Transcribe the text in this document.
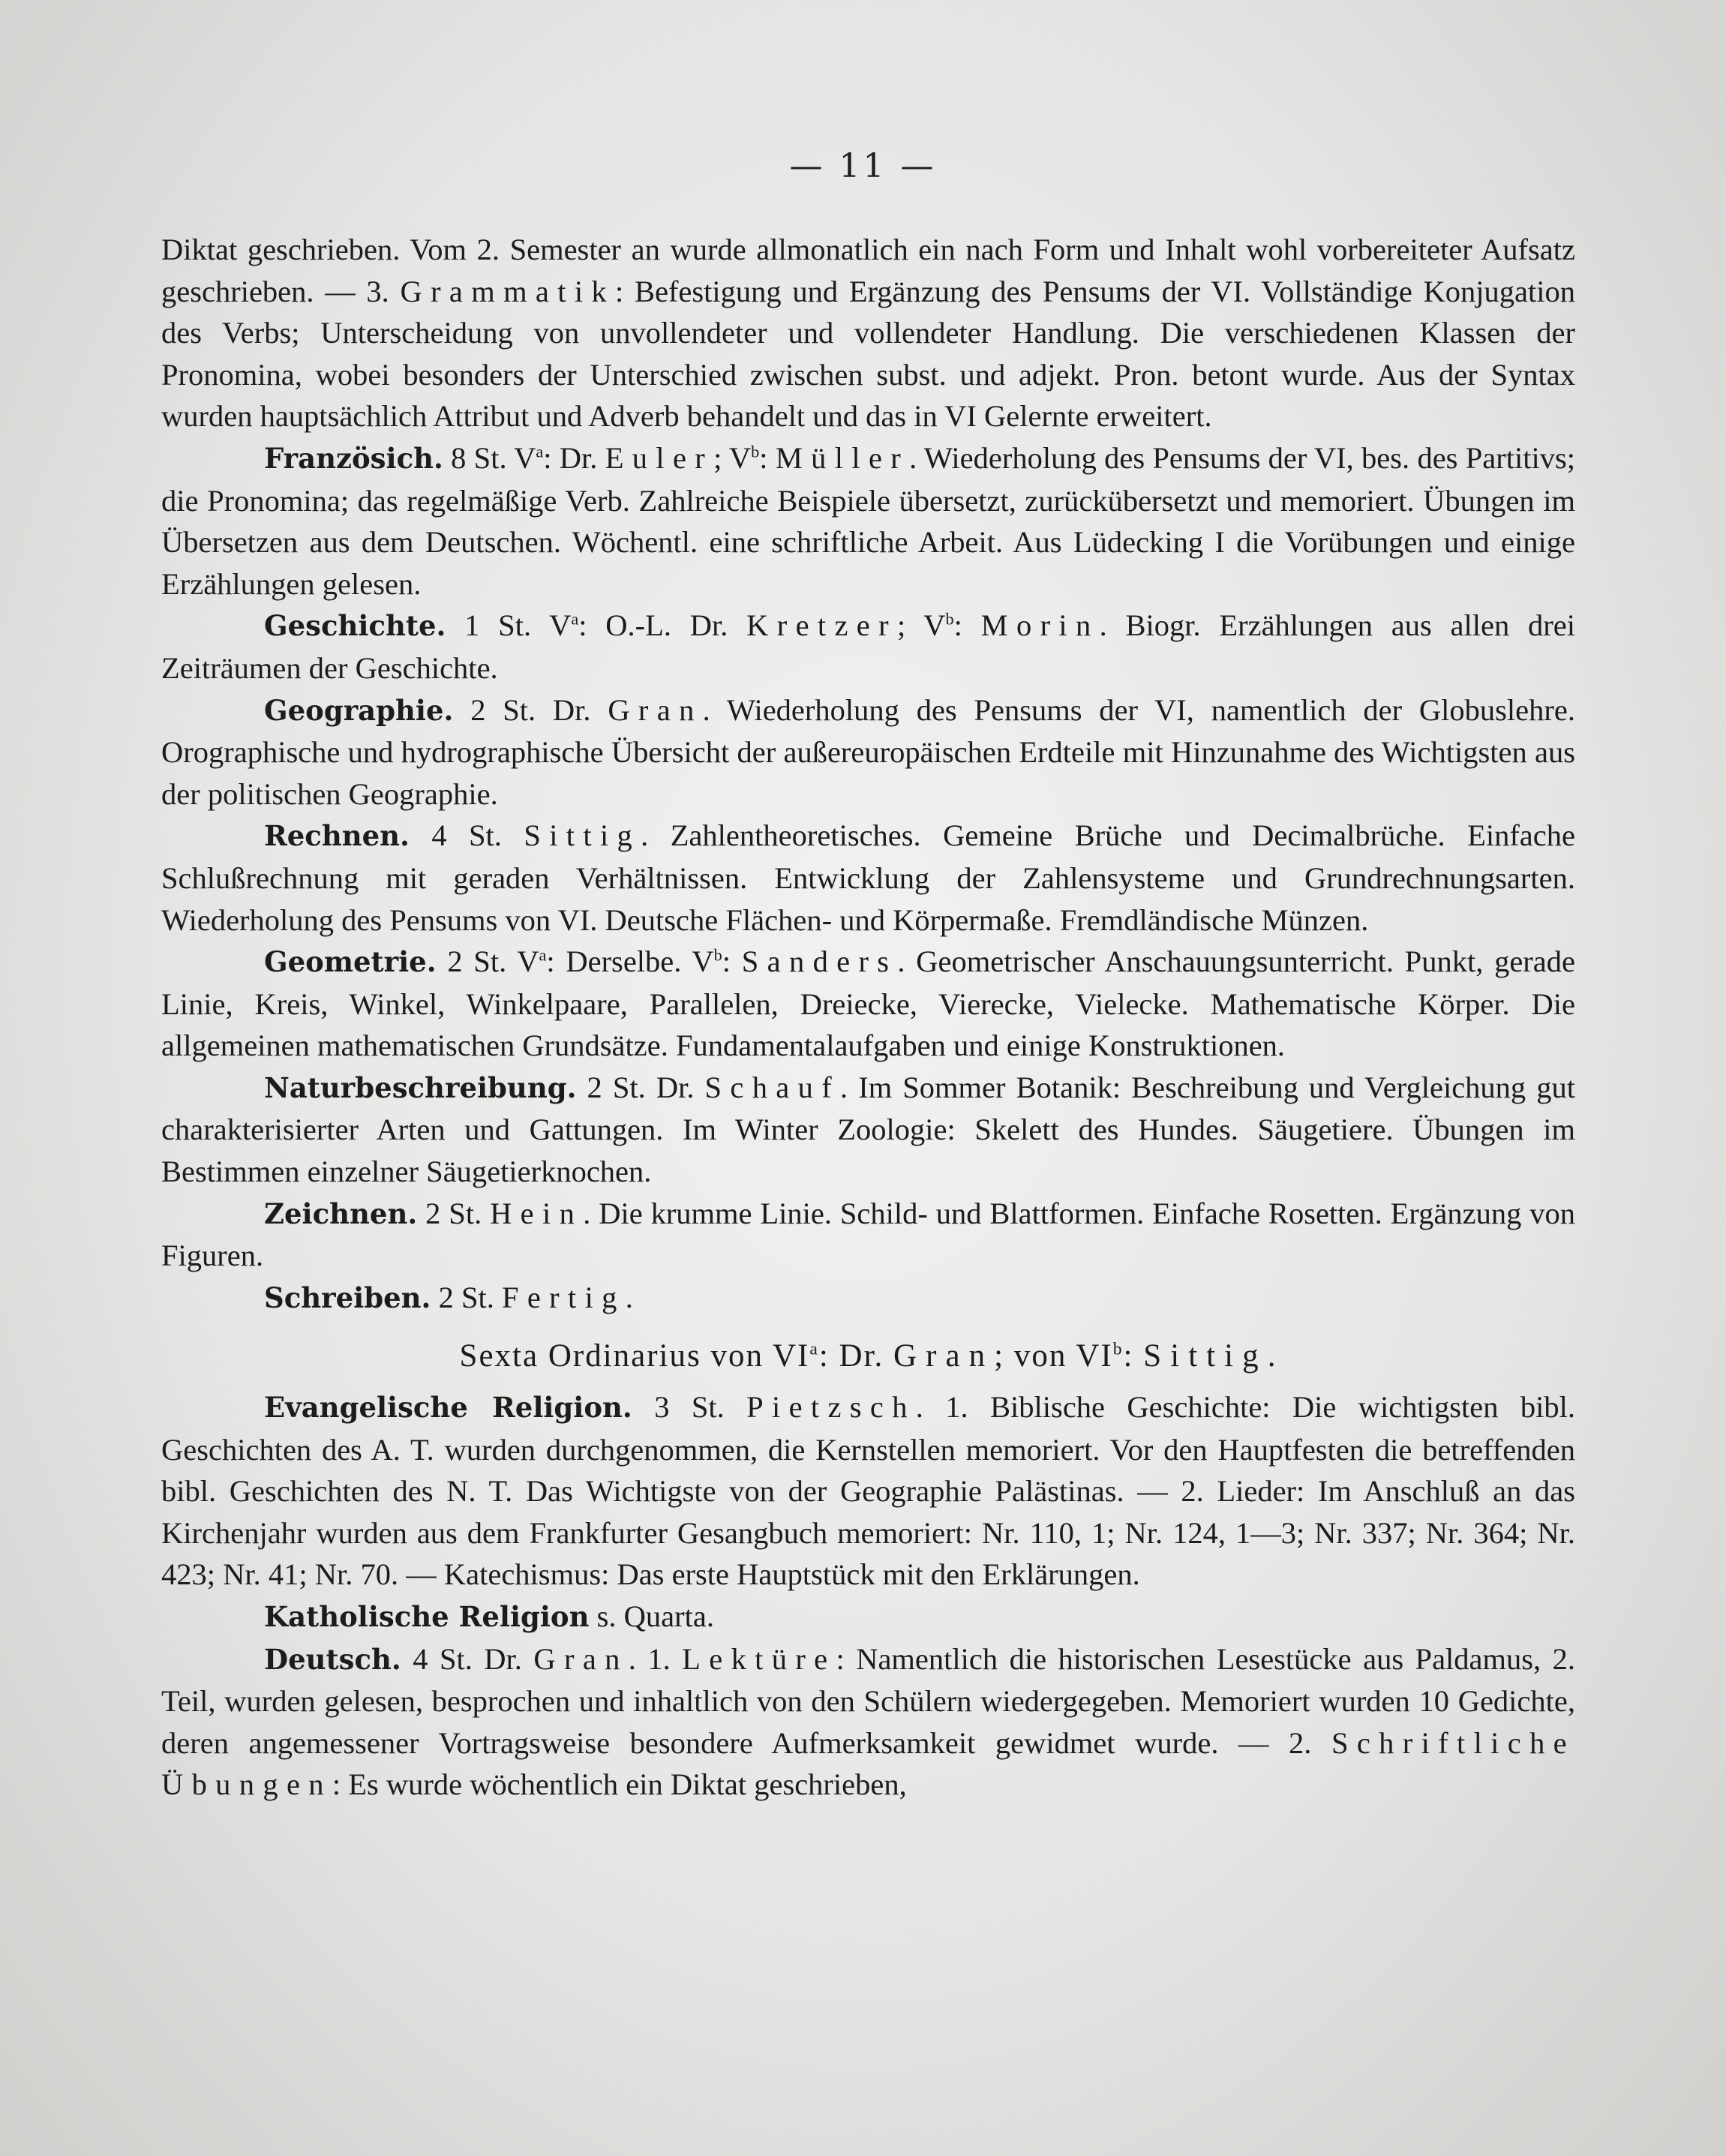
— 11 —

Diktat geschrieben. Vom 2. Semester an wurde allmonatlich ein nach Form und Inhalt wohl vorbereiteter Aufsatz geschrieben. — 3. Grammatik: Befestigung und Ergänzung des Pensums der VI. Vollständige Konjugation des Verbs; Unterscheidung von unvollendeter und vollendeter Handlung. Die verschiedenen Klassen der Pronomina, wobei besonders der Unterschied zwischen subst. und adjekt. Pron. betont wurde. Aus der Syntax wurden hauptsächlich Attribut und Adverb behandelt und das in VI Gelernte erweitert.

Französich. 8 St. $V^a$: Dr. Euler; $V^b$: Müller. Wiederholung des Pensums der VI, bes. des Partitivs; die Pronomina; das regelmäßige Verb. Zahlreiche Beispiele übersetzt, zurückübersetzt und memoriert. Übungen im Übersetzen aus dem Deutschen. Wöchentl. eine schriftliche Arbeit. Aus Lüdecking I die Vorübungen und einige Erzählungen gelesen.

Geschichte. 1 St. $V^a$: O.-L. Dr. Kretzer; $V^b$: Morin. Biogr. Erzählungen aus allen drei Zeiträumen der Geschichte.

Geographie. 2 St. Dr. Gran. Wiederholung des Pensums der VI, namentlich der Globuslehre. Orographische und hydrographische Übersicht der außereuropäischen Erdteile mit Hinzunahme des Wichtigsten aus der politischen Geographie.

Rechnen. 4 St. Sittig. Zahlentheoretisches. Gemeine Brüche und Decimalbrüche. Einfache Schlußrechnung mit geraden Verhältnissen. Entwicklung der Zahlensysteme und Grundrechnungsarten. Wiederholung des Pensums von VI. Deutsche Flächen- und Körpermaße. Fremdländische Münzen.

Geometrie. 2 St. $V^a$: Derselbe. $V^b$: Sanders. Geometrischer Anschauungsunterricht. Punkt, gerade Linie, Kreis, Winkel, Winkelpaare, Parallelen, Dreiecke, Vierecke, Vielecke. Mathematische Körper. Die allgemeinen mathematischen Grundsätze. Fundamentalaufgaben und einige Konstruktionen.

Naturbeschreibung. 2 St. Dr. Schauf. Im Sommer Botanik: Beschreibung und Vergleichung gut charakterisierter Arten und Gattungen. Im Winter Zoologie: Skelett des Hundes. Säugetiere. Übungen im Bestimmen einzelner Säugetierknochen.

Zeichnen. 2 St. Hein. Die krumme Linie. Schild- und Blattformen. Einfache Rosetten. Ergänzung von Figuren.

Schreiben. 2 St. Fertig.

Sexta Ordinarius von $VI^a$: Dr. Gran; von $VI^b$: Sittig.

Evangelische Religion. 3 St. Pietzsch. 1. Biblische Geschichte: Die wichtigsten bibl. Geschichten des A. T. wurden durchgenommen, die Kernstellen memoriert. Vor den Hauptfesten die betreffenden bibl. Geschichten des N. T. Das Wichtigste von der Geographie Palästinas. — 2. Lieder: Im Anschluß an das Kirchenjahr wurden aus dem Frankfurter Gesangbuch memoriert: Nr. 110, 1; Nr. 124, 1—3; Nr. 337; Nr. 364; Nr. 423; Nr. 41; Nr. 70. — Katechismus: Das erste Hauptstück mit den Erklärungen.

Katholische Religion s. Quarta.

Deutsch. 4 St. Dr. Gran. 1. Lektüre: Namentlich die historischen Lesestücke aus Paldamus, 2. Teil, wurden gelesen, besprochen und inhaltlich von den Schülern wiedergegeben. Memoriert wurden 10 Gedichte, deren angemessener Vortragsweise besondere Aufmerksamkeit gewidmet wurde. — 2. Schriftliche Übungen: Es wurde wöchentlich ein Diktat geschrieben,
